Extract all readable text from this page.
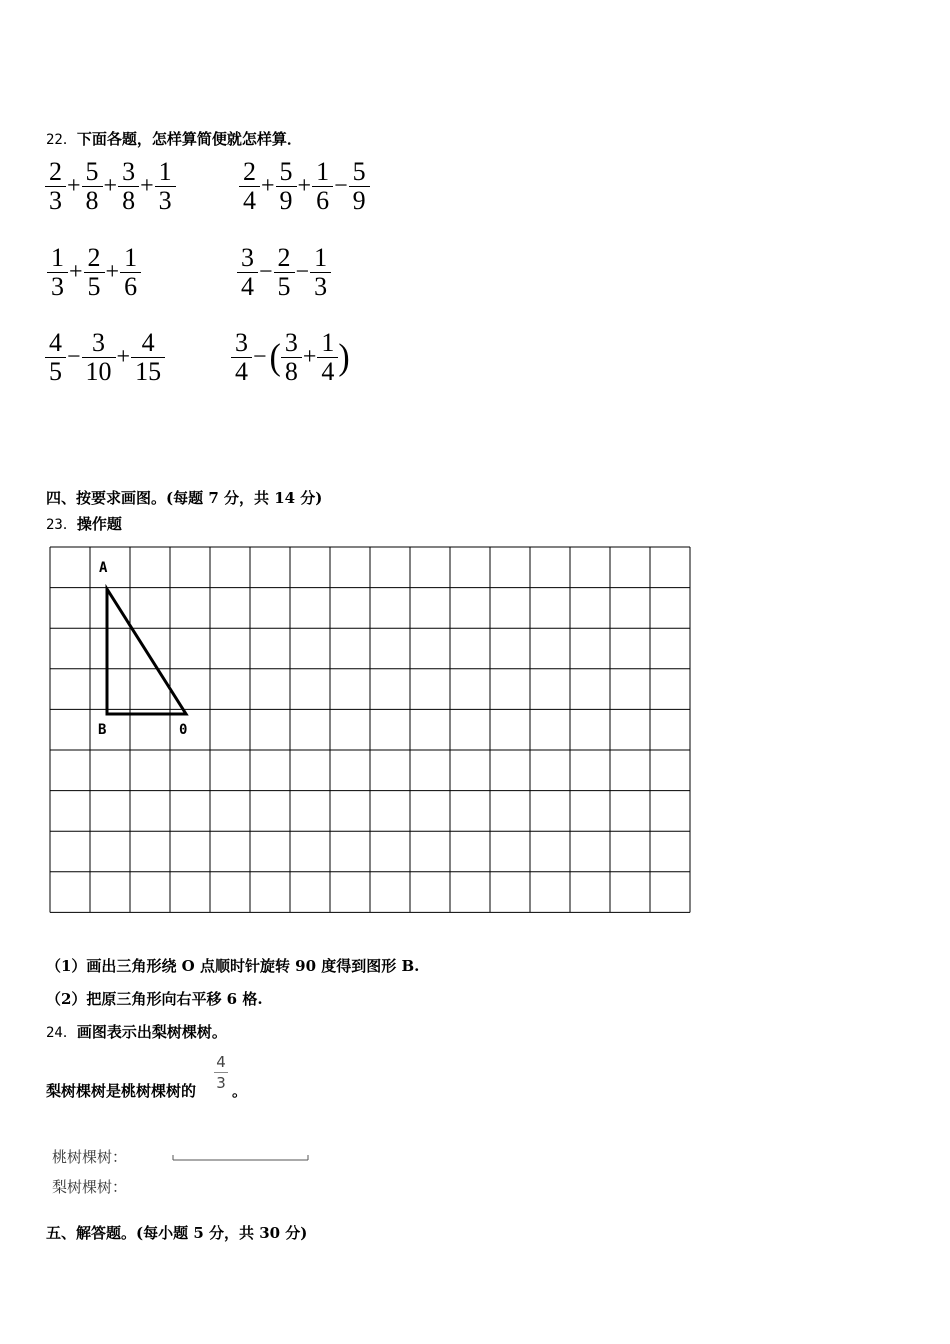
22．下面各题，怎样算简便就怎样算．
$\frac{2}{3} + \frac{5}{8} + \frac{3}{8} + \frac{1}{3}$	$\frac{2}{4} + \frac{5}{9} + \frac{1}{6} - \frac{5}{9}$
$\frac{1}{3} + \frac{2}{5} + \frac{1}{6}$	$\frac{3}{4} - \frac{2}{5} - \frac{1}{3}$
$\frac{4}{5} - \frac{3}{10} + \frac{4}{15}$	$\frac{3}{4}$ − ( $\frac{3}{8} + \frac{1}{4}$ )
四、按要求画图。(每题 7 分，共 14 分)
23．操作题
A
B	0
（1）画出三角形绕 O 点顺时针旋转 90 度得到图形 B.
（2）把原三角形向右平移 6 格.
24．画图表示出梨树棵树。
梨树棵树是桃树棵树的
4
3 。
桃树棵树：
梨树棵树：
五、解答题。(每小题 5 分，共 30 分)
